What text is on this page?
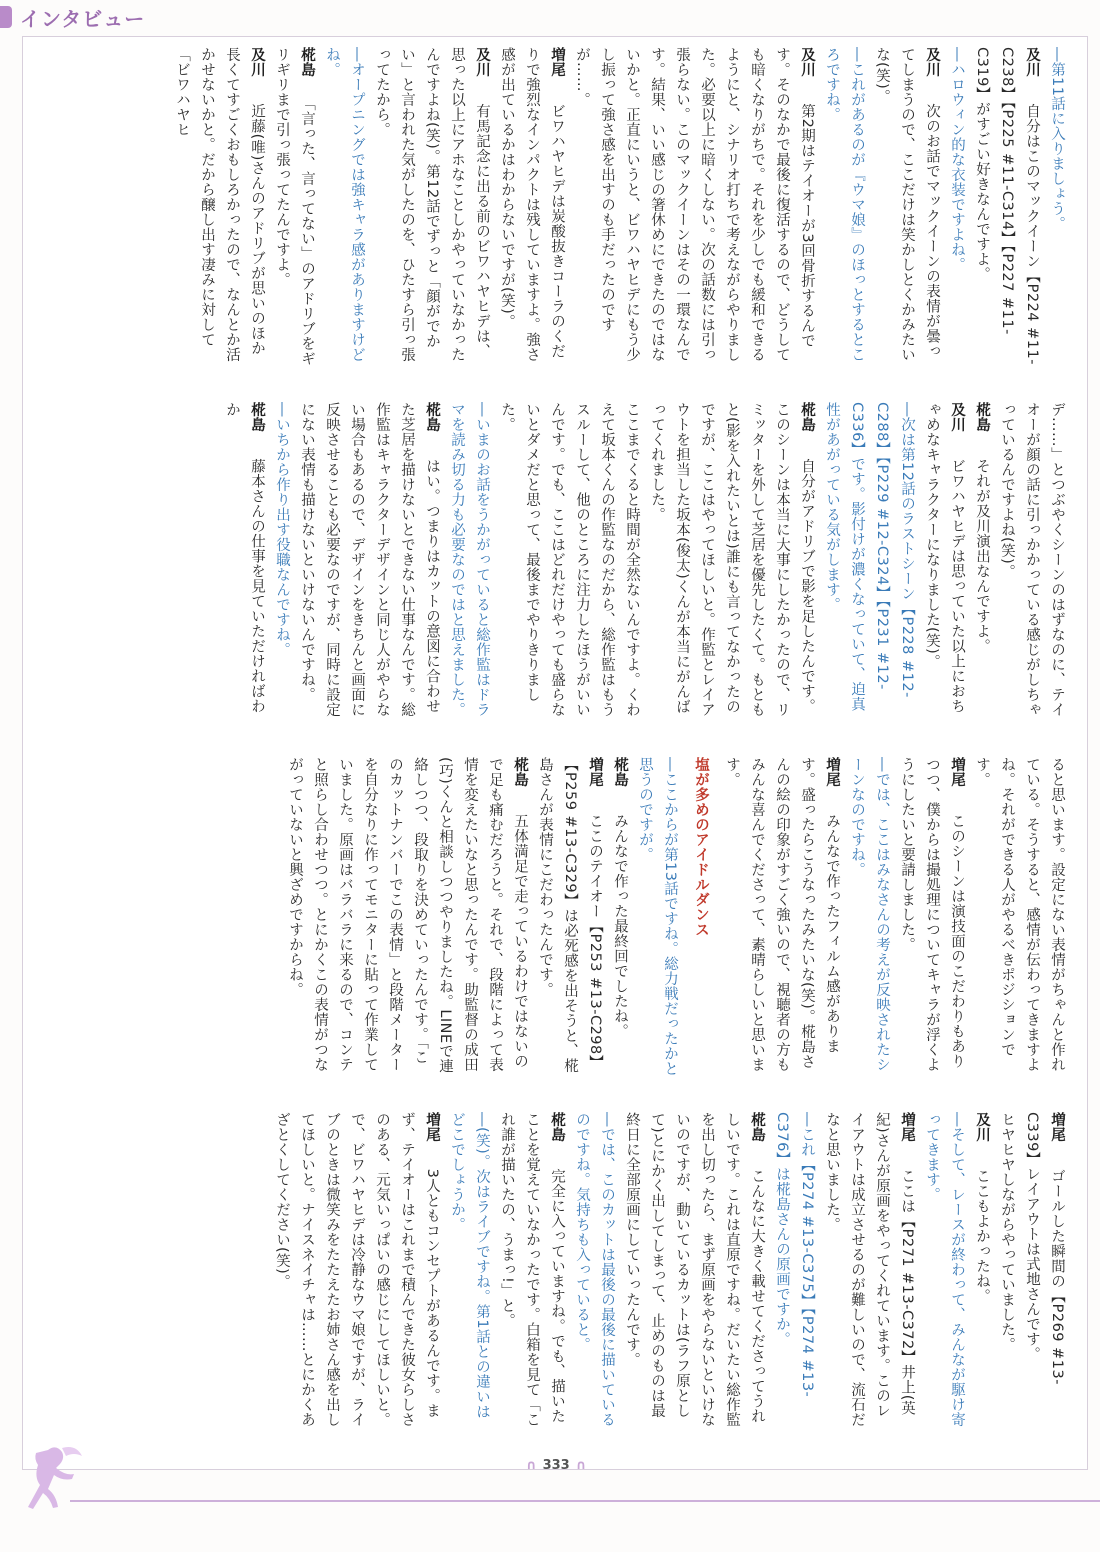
インタビュー

―第11話に入りましょう。

及川　自分はこのマックイーン【P224 #11-C238】【P225 #11-C314】【P227 #11-C319】がすごい好きなんですよ。

―ハロウィン的な衣装ですよね。

及川　次のお話でマックイーンの表情が曇ってしまうので、ここだけは笑かしとくかみたいな(笑)。

―これがあるのが『ウマ娘』のほっとするところですね。

及川　第2期はテイオーが3回骨折するんです。そのなかで最後に復活するので、どうしても暗くなりがちで。それを少しでも緩和できるようにと、シナリオ打ちで考えながらやりました。必要以上に暗くしない。次の話数には引っ張らない。このマックイーンはその一環なんです。結果、いい感じの箸休めにできたのではないかと。正直にいうと、ビワハヤヒデにもう少し振って強さ感を出すのも手だったのですが……。

増尾　ビワハヤヒデは炭酸抜きコーラのくだりで強烈なインパクトは残していますよ。強さ感が出ているかはわからないですが(笑)。

及川　有馬記念に出る前のビワハヤヒデは、思った以上にアホなことしかやっていなかったんですよね(笑)。第12話でずっと「顔がでかい」と言われた気がしたのを、ひたすら引っ張ってたから。

―オープニングでは強キャラ感がありますけどね。

椛島　「言った、言ってない」のアドリブをギリギリまで引っ張ってたんですよ。

及川　近藤(唯)さんのアドリブが思いのほか長くてすごくおもしろかったので、なんとか活かせないかと。だから醸し出す凄みに対して「ビワハヤヒ

デ……」とつぶやくシーンのはずなのに、テイオーが顔の話に引っかかっている感じがしちゃっているんですよね(笑)。

椛島　それが及川演出なんですよ。

及川　ビワハヤヒデは思っていた以上におちゃめなキャラクターになりました(笑)。

―次は第12話のラストシーン【P228 #12-C288】【P229 #12-C324】【P231 #12-C336】です。影付けが濃くなっていて、迫真性があがっている気がします。

椛島　自分がアドリブで影を足したんです。このシーンは本当に大事にしたかったので、リミッターを外して芝居を優先したくて。もともと(影を入れたいとは)誰にも言ってなかったのですが、ここはやってほしいと。作監とレイアウトを担当した坂本(俊太)くんが本当にがんばってくれました。

ここまでくると時間が全然ないんですよ。くわえて坂本くんの作監なのだから、総作監はもうスルーして、他のところに注力したほうがいいんです。でも、ここはどれだけやっても盛らないとダメだと思って、最後までやりきりました。

―いまのお話をうかがっていると総作監はドラマを読み切る力も必要なのではと思えました。

椛島　はい。つまりはカットの意図に合わせた芝居を描けないとできない仕事なんです。総作監はキャラクターデザインと同じ人がやらない場合もあるので、デザインをきちんと画面に反映させることも必要なのですが、同時に設定にない表情も描けないといけないんですね。

―いちから作り出す役職なんですね。

椛島　藤本さんの仕事を見ていただければわか

ると思います。設定にない表情がちゃんと作れている。そうすると、感情が伝わってきますよね。それができる人がやるべきポジションです。

増尾　このシーンは演技面のこだわりもありつつ、僕からは撮処理についてキャラが浮くようにしたいと要請しました。

―では、ここはみなさんの考えが反映されたシーンなのですね。

増尾　みんなで作ったフィルム感があります。盛ったらこうなったみたいな(笑)。椛島さんの絵の印象がすごく強いので、視聴者の方もみんな喜んでくださって、素晴らしいと思います。

塩が多めのアイドルダンス

―ここからが第13話ですね。総力戦だったかと思うのですが。

椛島　みんなで作った最終回でしたね。

増尾　ここのテイオー【P253 #13-C298】【P259 #13-C329】は必死感を出そうと、椛島さんが表情にこだわったんです。

椛島　五体満足で走っているわけではないので足も痛むだろうと。それで、段階によって表情を変えたいなと思ったんです。助監督の成田(巧)くんと相談しつつやりましたね。LINEで連絡しつつ、段取りを決めていったんです。「このカットナンバーでこの表情」と段階メーターを自分なりに作ってモニターに貼って作業していました。原画はバラバラに来るので、コンテと照らし合わせつつ。とにかくこの表情がつながっていないと興ざめですからね。

増尾　ゴールした瞬間の【P269 #13-C339】レイアウトは式地さんです。

ヒヤヒヤしながらやっていました。

及川　ここもよかったね。

―そして、レースが終わって、みんなが駆け寄ってきます。

増尾　ここは【P271 #13-C372】井上(英紀)さんが原画をやってくれています。このレイアウトは成立させるのが難しいので、流石だなと思いました。

―これ【P274 #13-C375】【P274 #13-C376】は椛島さんの原画ですか。

椛島　こんなに大きく載せてくださってうれしいです。これは直原ですね。だいたい総作監を出し切ったら、まず原画をやらないといけないのですが、動いているカットは(ラフ原として)とにかく出してしまって、止めのものは最終日に全部原画にしていったんです。

―では、このカットは最後の最後に描いているのですね。気持ちも入っていると。

椛島　完全に入っていますね。でも、描いたことを覚えていなかったです。白箱を見て「これ誰が描いたの、うまっ!」と。

―(笑)。次はライブですね。第1話との違いはどこでしょうか。

増尾　3人ともコンセプトがあるんです。まず、テイオーはこれまで積んできた彼女らしさのある、元気いっぱいの感じにしてほしいと。で、ビワハヤヒデは冷静なウマ娘ですが、ライブのときは微笑みをたたえたお姉さん感を出してほしいと。ナイスネイチャは……とにかくあざとくしてください(笑)。

∩ 333 ∩
